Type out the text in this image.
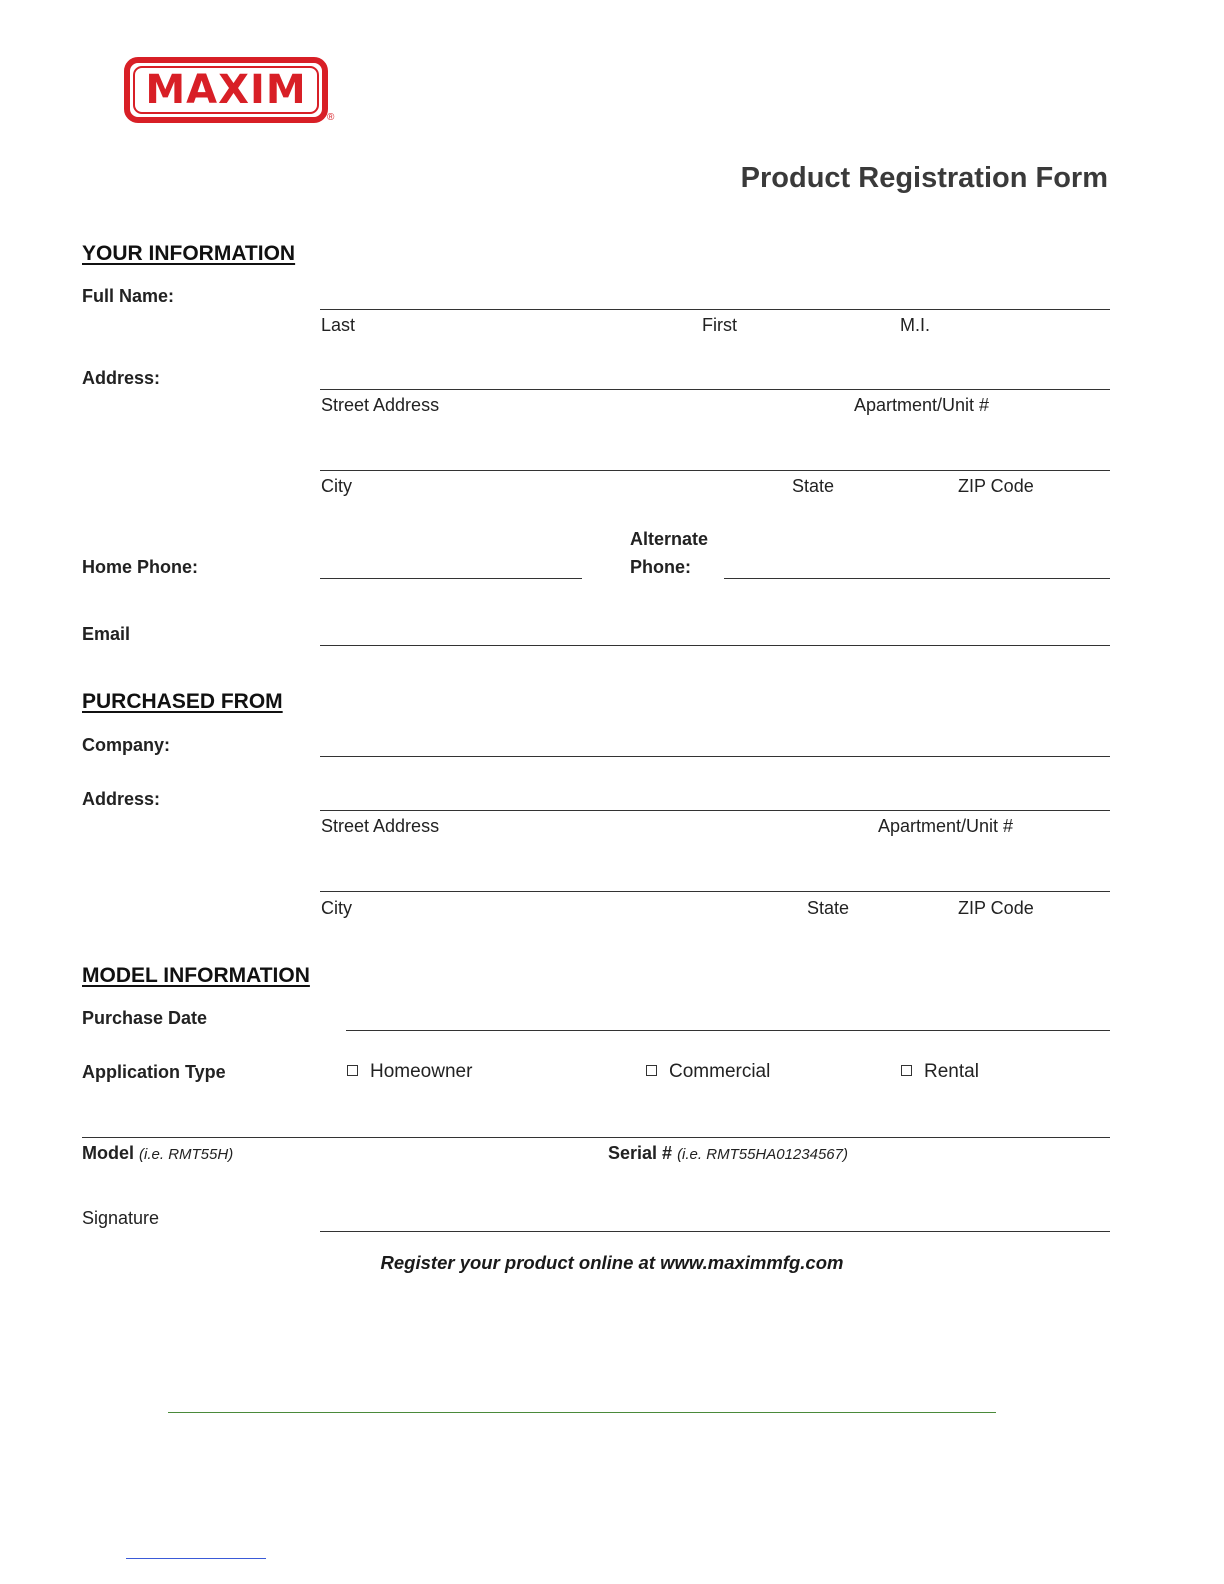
MAXIM
®
Product Registration Form
YOUR INFORMATION
Full Name:
Last	First	M.I.
Address:
Street Address	Apartment/Unit #
City	State	ZIP Code
Home Phone:
Alternate
Phone:
Email
PURCHASED FROM
Company:
Address:
Street Address	Apartment/Unit #
City	State	ZIP Code
MODEL INFORMATION
Purchase Date
Application Type	Homeowner	Commercial	Rental
Model (i.e. RMT55H)	Serial # (i.e. RMT55HA01234567)
Signature
Register your product online at www.maximmfg.com
